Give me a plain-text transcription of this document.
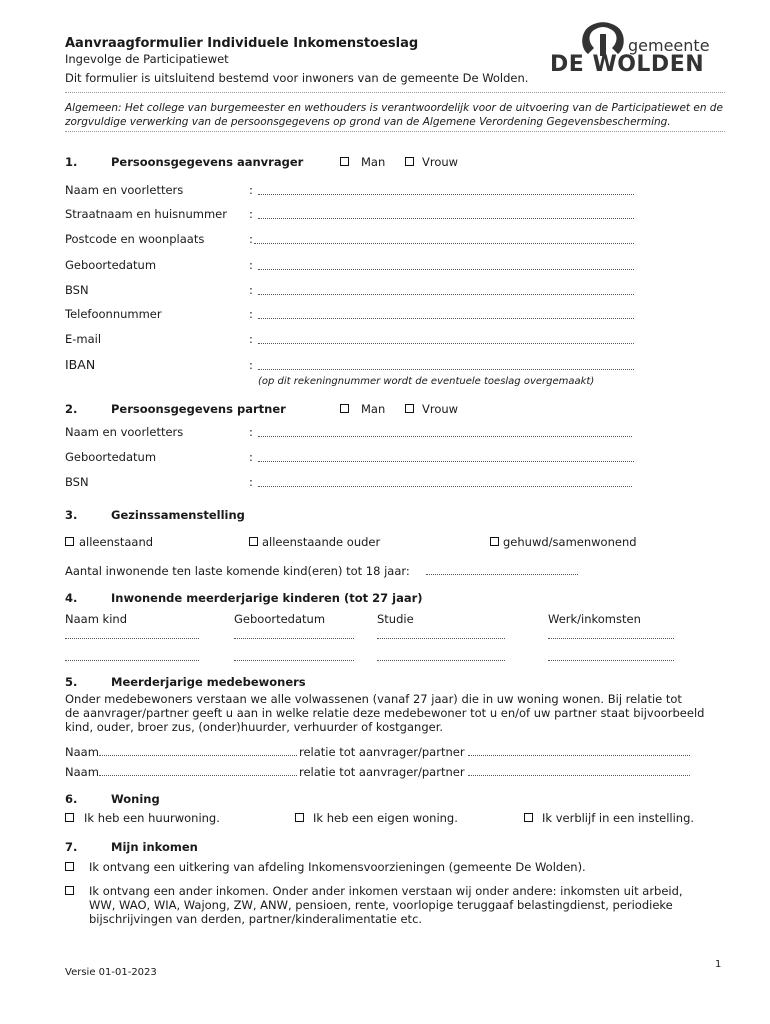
Aanvraagformulier Individuele Inkomenstoeslag
Ingevolge de Participatiewet
Dit formulier is uitsluitend bestemd voor inwoners van de gemeente De Wolden.
gemeente
DE WOLDEN
Algemeen: Het college van burgemeester en wethouders is verantwoordelijk voor de uitvoering van de Participatiewet en de
zorgvuldige verwerking van de persoonsgegevens op grond van de Algemene Verordening Gegevensbescherming.
1.	Persoonsgegevens aanvrager	Man	Vrouw
Naam en voorletters	:
Straatnaam en huisnummer :
Postcode en woonplaats	:
Geboortedatum	:
BSN	:
Telefoonnummer	:
E-mail	:
IBAN	:
(op dit rekeningnummer wordt de eventuele toeslag overgemaakt)
2.	Persoonsgegevens partner	Man	Vrouw
Naam en voorletters	:
Geboortedatum	:
BSN	:
3.	Gezinssamenstelling
alleenstaand	alleenstaande ouder	gehuwd/samenwonend
Aantal inwonende ten laste komende kind(eren) tot 18 jaar:
4.	Inwonende meerderjarige kinderen (tot 27 jaar)
Naam kind	Geboortedatum	Studie	Werk/inkomsten
5.	Meerderjarige medebewoners
Onder medebewoners verstaan we alle volwassenen (vanaf 27 jaar) die in uw woning wonen. Bij relatie tot
de aanvrager/partner geeft u aan in welke relatie deze medebewoner tot u en/of uw partner staat bijvoorbeeld
kind, ouder, broer zus, (onder)huurder, verhuurder of kostganger.
Naam	relatie tot aanvrager/partner
Naam	relatie tot aanvrager/partner
6.	Woning
Ik heb een huurwoning.	Ik heb een eigen woning.	Ik verblijf in een instelling.
7.	Mijn inkomen
Ik ontvang een uitkering van afdeling Inkomensvoorzieningen (gemeente De Wolden).
Ik ontvang een ander inkomen. Onder ander inkomen verstaan wij onder andere: inkomsten uit arbeid,
WW, WAO, WIA, Wajong, ZW, ANW, pensioen, rente, voorlopige teruggaaf belastingdienst, periodieke
bijschrijvingen van derden, partner/kinderalimentatie etc.
1
Versie 01-01-2023
